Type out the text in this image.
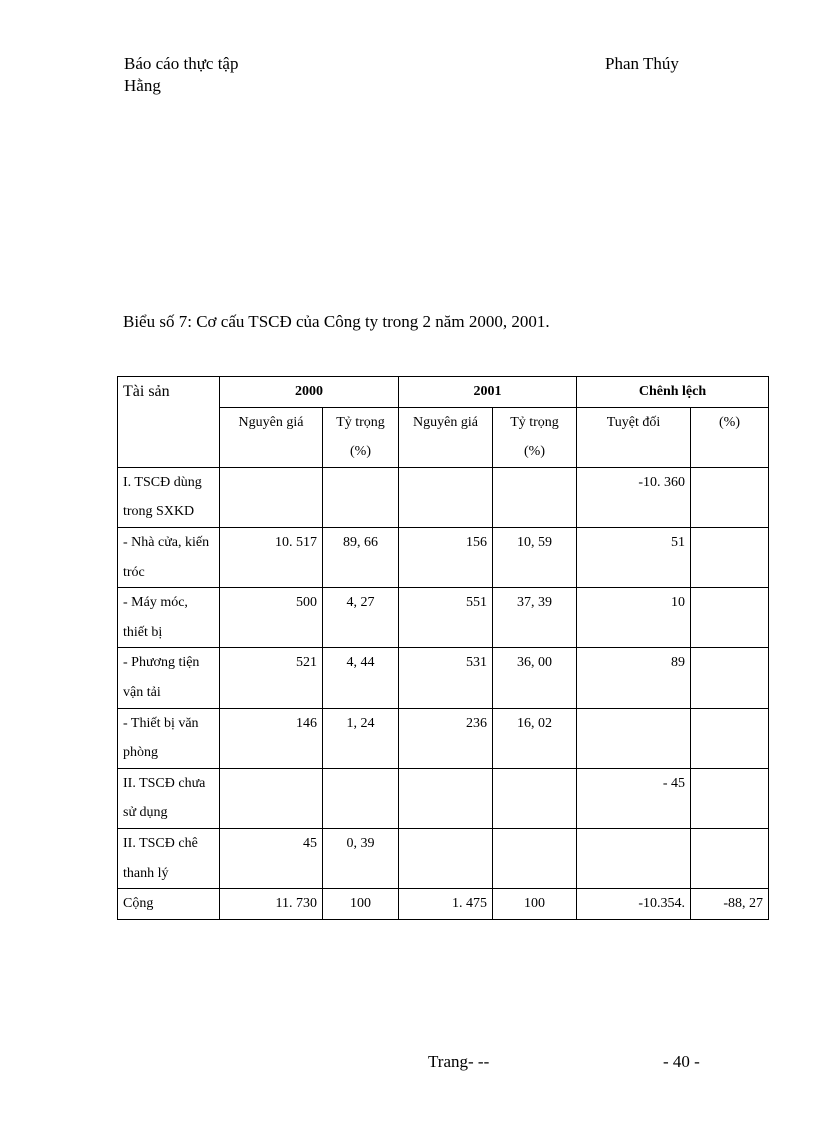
Báo cáo thực tập
Hằng
Phan Thúy
Biểu số 7: Cơ cấu TSCĐ của Công ty trong 2 năm 2000, 2001.
Tài sản	2000		2001		Chênh lệch	
	Nguyên giá	Tỷ trọng (%)	Nguyên giá	Tỷ trọng (%)	Tuyệt đối	(%)
I. TSCĐ dùng trong SXKD					-10. 360	
- Nhà cửa, kiến tróc	10. 517	89, 66	156	10, 59	51	
- Máy móc, thiết bị	500	4, 27	551	37, 39	10	
- Phương tiện vận tải	521	4, 44	531	36, 00	89	
- Thiết bị văn phòng	146	1, 24	236	16, 02		
II. TSCĐ chưa sử dụng					- 45	
II. TSCĐ chê thanh lý	45	0, 39				
Cộng	11. 730	100	1. 475	100	-10.354.	-88, 27
Trang- --	- 40 -
